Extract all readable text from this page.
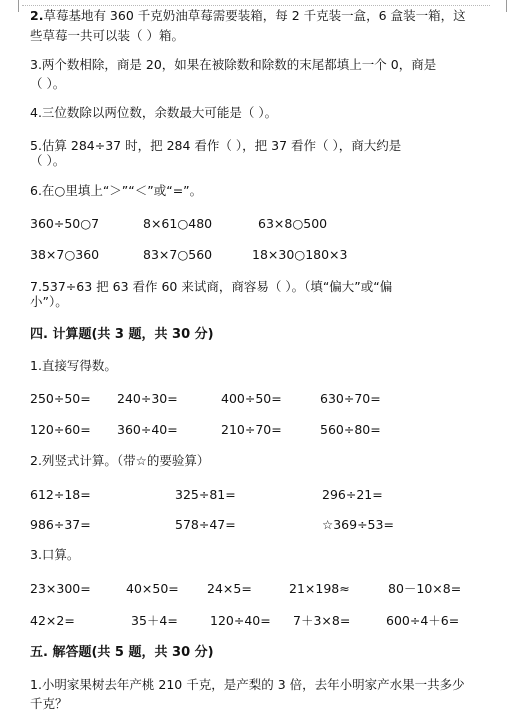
2.草莓基地有 360 千克奶油草莓需要装箱，每 2 千克装一盒，6 盒装一箱，这
些草莓一共可以装（ ）箱。
3.两个数相除，商是 20，如果在被除数和除数的末尾都填上一个 0，商是
（ ）。
4.三位数除以两位数，余数最大可能是（ ）。
5.估算 284÷37 时，把 284 看作（ ），把 37 看作（ ），商大约是
（ ）。
6.在○里填上“＞”“＜”或“=”。
360÷50○7	8×61○480	63×8○500
38×7○360	83×7○560	18×30○180×3
7.537÷63 把 63 看作 60 来试商，商容易（ ）。（填“偏大”或“偏
小”）。
四. 计算题(共 3 题，共 30 分)
1.直接写得数。
250÷50= 240÷30=	400÷50=	630÷70=
120÷60= 360÷40=	210÷70=	560÷80=
2.列竖式计算。（带☆的要验算）
612÷18=	325÷81=	296÷21=
986÷37=	578÷47=	☆369÷53=
3.口算。
23×300=	40×50= 24×5=	21×198≈	80－10×8=
42×2=	35＋4=	120÷40= 7＋3×8=	600÷4＋6=
五. 解答题(共 5 题，共 30 分)
1.小明家果树去年产桃 210 千克，是产梨的 3 倍，去年小明家产水果一共多少
千克？
